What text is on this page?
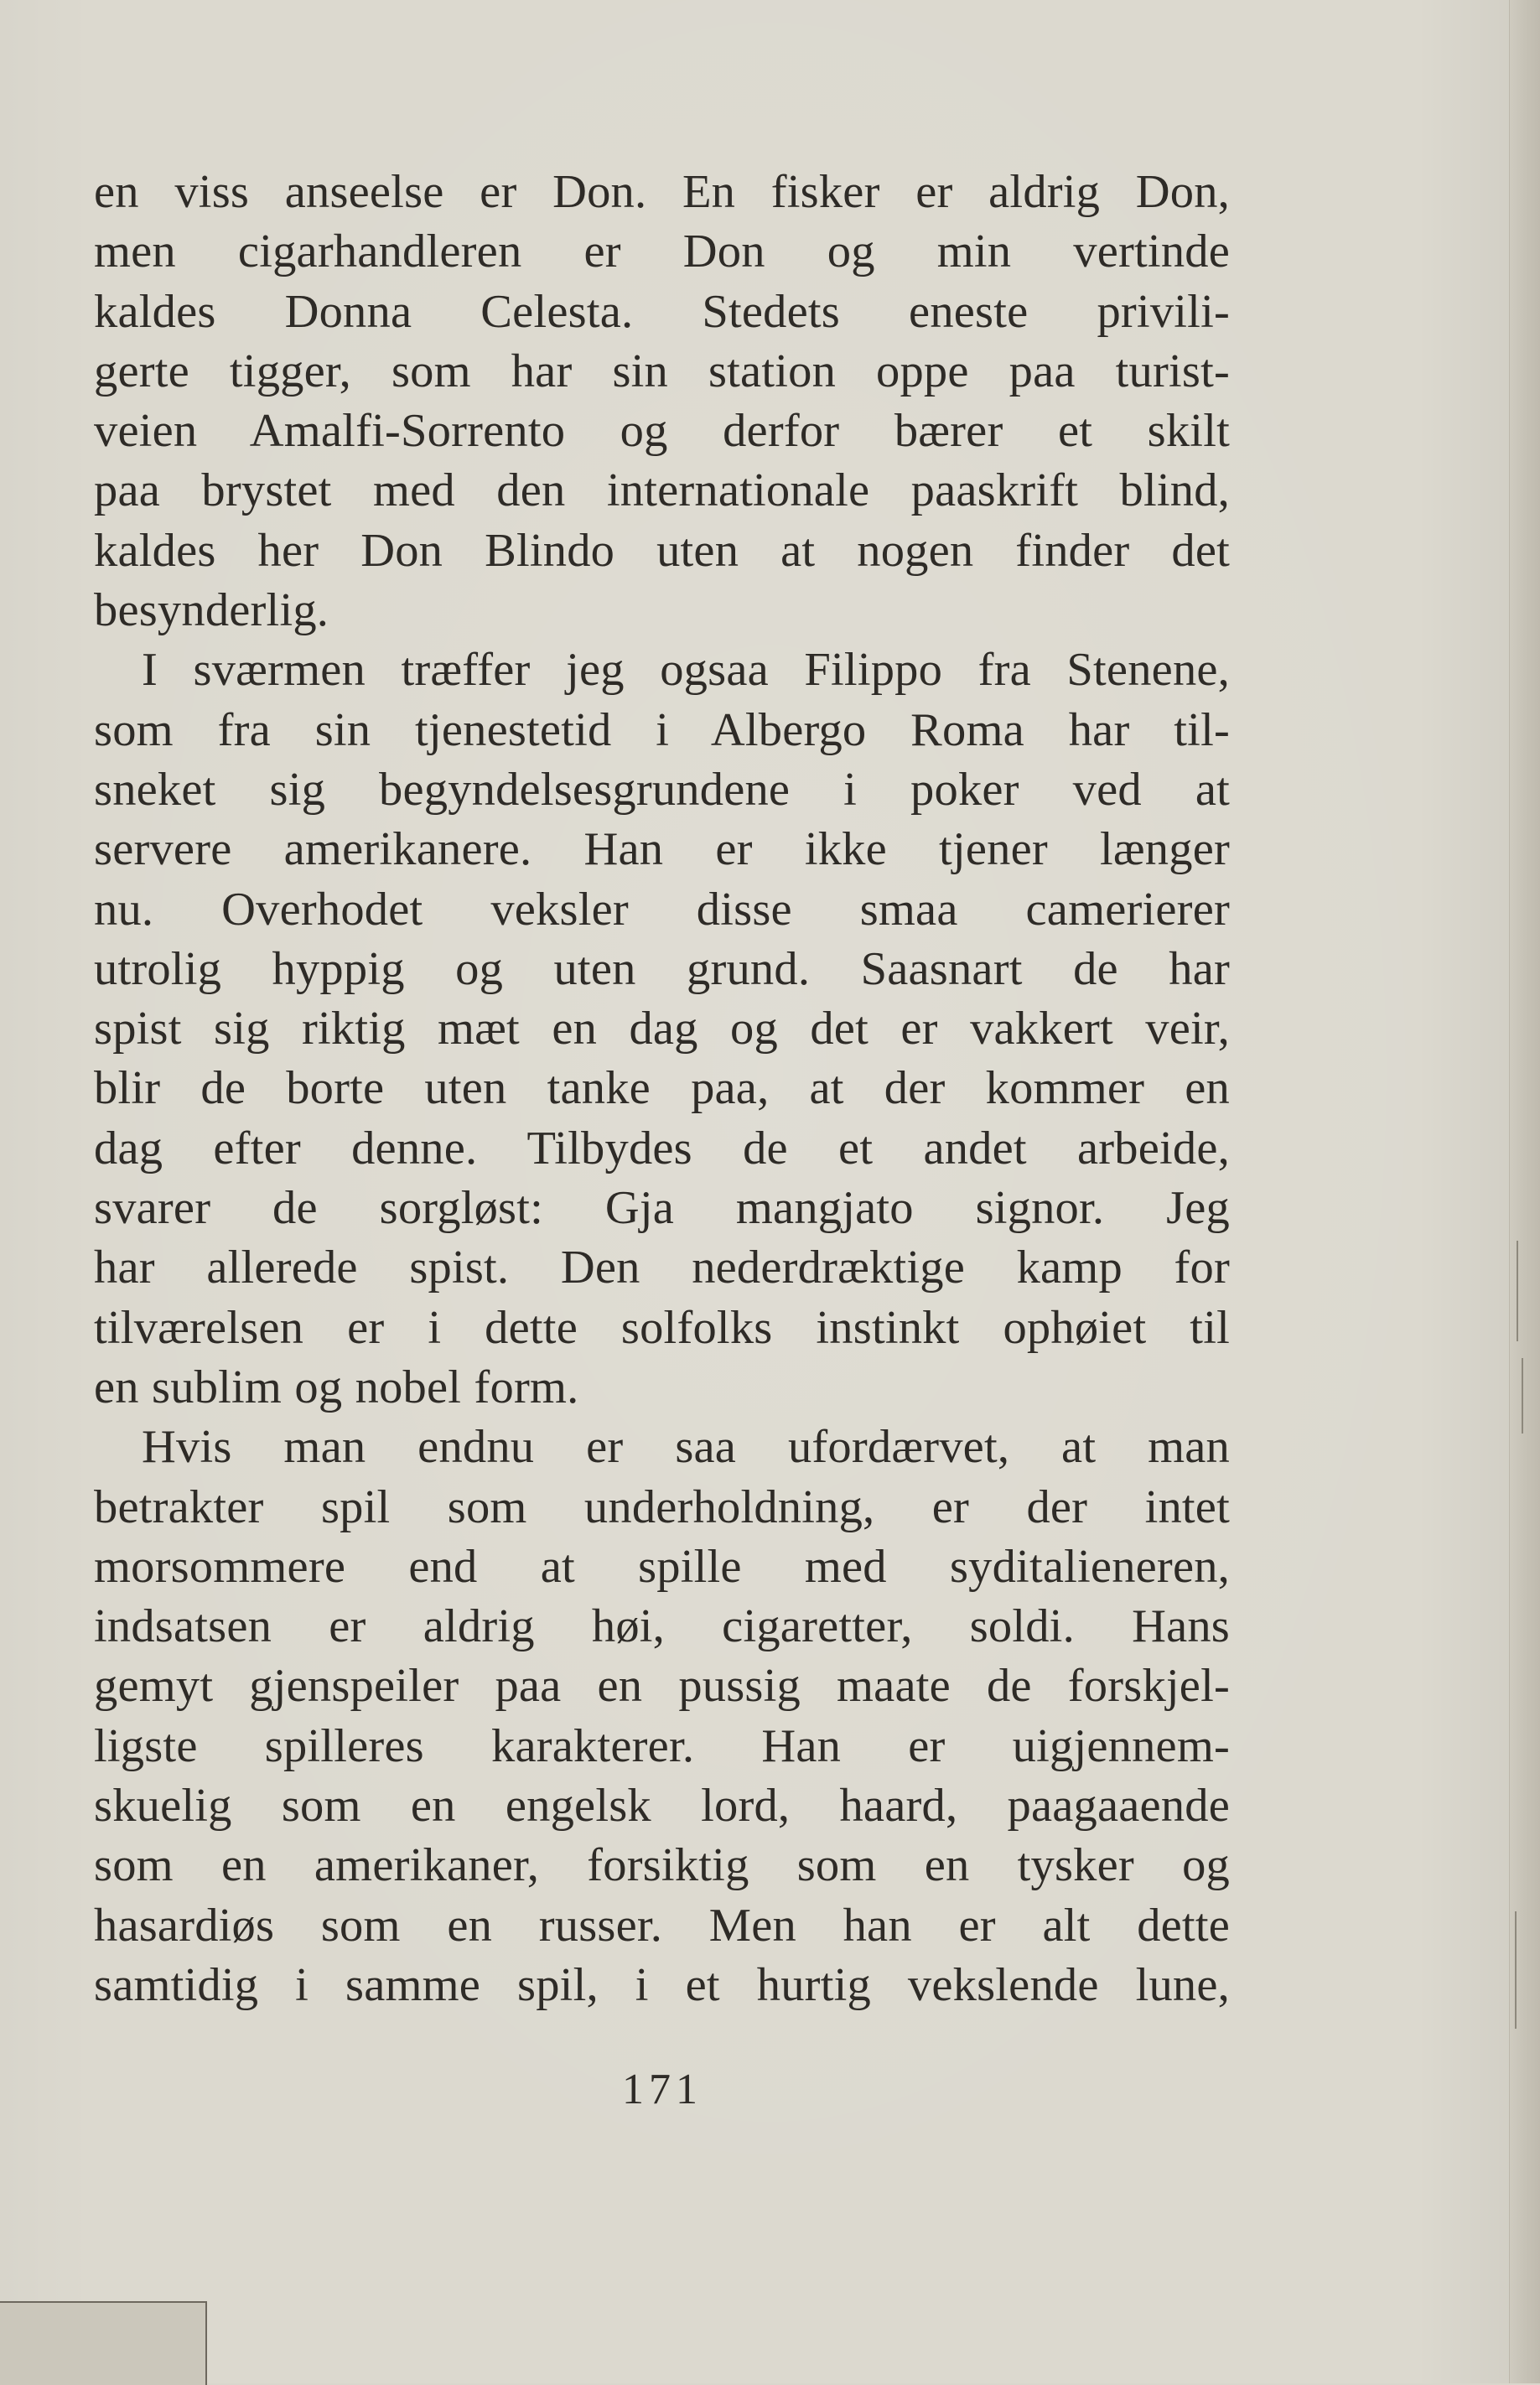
en viss anseelse er Don. En fisker er aldrig Don,
men cigarhandleren er Don og min vertinde
kaldes Donna Celesta. Stedets eneste privili-
gerte tigger, som har sin station oppe paa turist-
veien Amalfi-Sorrento og derfor bærer et skilt
paa brystet med den internationale paaskrift blind,
kaldes her Don Blindo uten at nogen finder det
besynderlig.
I sværmen træffer jeg ogsaa Filippo fra Stenene,
som fra sin tjenestetid i Albergo Roma har til-
sneket sig begyndelsesgrundene i poker ved at
servere amerikanere. Han er ikke tjener længer
nu. Overhodet veksler disse smaa camerierer
utrolig hyppig og uten grund. Saasnart de har
spist sig riktig mæt en dag og det er vakkert veir,
blir de borte uten tanke paa, at der kommer en
dag efter denne. Tilbydes de et andet arbeide,
svarer de sorgløst: Gja mangjato signor. Jeg
har allerede spist. Den nederdræktige kamp for
tilværelsen er i dette solfolks instinkt ophøiet til
en sublim og nobel form.
Hvis man endnu er saa ufordærvet, at man
betrakter spil som underholdning, er der intet
morsommere end at spille med syditalieneren,
indsatsen er aldrig høi, cigaretter, soldi. Hans
gemyt gjenspeiler paa en pussig maate de forskjel-
ligste spilleres karakterer. Han er uigjennem-
skuelig som en engelsk lord, haard, paagaaende
som en amerikaner, forsiktig som en tysker og
hasardiøs som en russer. Men han er alt dette
samtidig i samme spil, i et hurtig vekslende lune,
171
